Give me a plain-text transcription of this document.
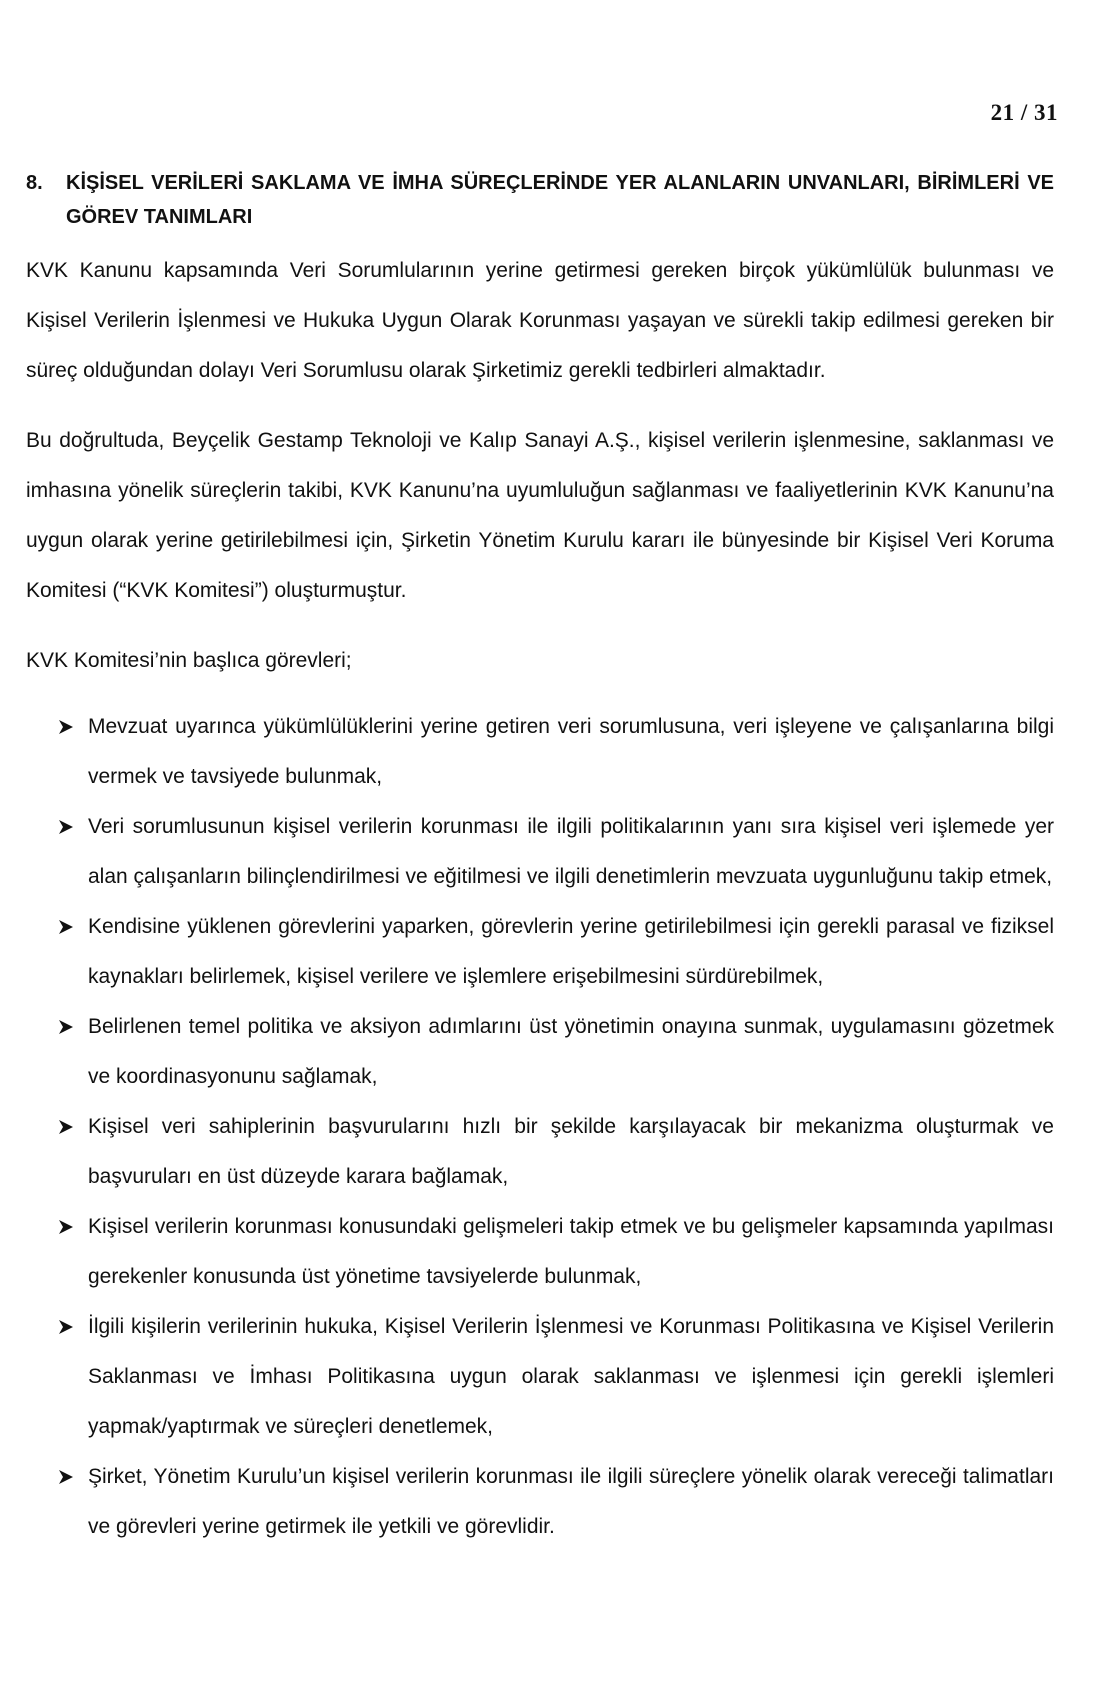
21 / 31
8.	KİŞİSEL VERİLERİ SAKLAMA VE İMHA SÜREÇLERİNDE YER ALANLARIN UNVANLARI, BİRİMLERİ VE GÖREV TANIMLARI

KVK Kanunu kapsamında Veri Sorumlularının yerine getirmesi gereken birçok yükümlülük bulunması ve Kişisel Verilerin İşlenmesi ve Hukuka Uygun Olarak Korunması yaşayan ve sürekli takip edilmesi gereken bir süreç olduğundan dolayı Veri Sorumlusu olarak Şirketimiz gerekli tedbirleri almaktadır.

Bu doğrultuda, Beyçelik Gestamp Teknoloji ve Kalıp Sanayi A.Ş., kişisel verilerin işlenmesine, saklanması ve imhasına yönelik süreçlerin takibi, KVK Kanunu’na uyumluluğun sağlanması ve faaliyetlerinin KVK Kanunu’na uygun olarak yerine getirilebilmesi için, Şirketin Yönetim Kurulu kararı ile bünyesinde bir Kişisel Veri Koruma Komitesi (“KVK Komitesi”) oluşturmuştur.

KVK Komitesi’nin başlıca görevleri;

Mevzuat uyarınca yükümlülüklerini yerine getiren veri sorumlusuna, veri işleyene ve çalışanlarına bilgi vermek ve tavsiyede bulunmak,
Veri sorumlusunun kişisel verilerin korunması ile ilgili politikalarının yanı sıra kişisel veri işlemede yer alan çalışanların bilinçlendirilmesi ve eğitilmesi ve ilgili denetimlerin mevzuata uygunluğunu takip etmek,
Kendisine yüklenen görevlerini yaparken, görevlerin yerine getirilebilmesi için gerekli parasal ve fiziksel kaynakları belirlemek, kişisel verilere ve işlemlere erişebilmesini sürdürebilmek,
Belirlenen temel politika ve aksiyon adımlarını üst yönetimin onayına sunmak, uygulamasını gözetmek ve koordinasyonunu sağlamak,
Kişisel veri sahiplerinin başvurularını hızlı bir şekilde karşılayacak bir mekanizma oluşturmak ve başvuruları en üst düzeyde karara bağlamak,
Kişisel verilerin korunması konusundaki gelişmeleri takip etmek ve bu gelişmeler kapsamında yapılması gerekenler konusunda üst yönetime tavsiyelerde bulunmak,
İlgili kişilerin verilerinin hukuka, Kişisel Verilerin İşlenmesi ve Korunması Politikasına ve Kişisel Verilerin Saklanması ve İmhası Politikasına uygun olarak saklanması ve işlenmesi için gerekli işlemleri yapmak/yaptırmak ve süreçleri denetlemek,
Şirket, Yönetim Kurulu’un kişisel verilerin korunması ile ilgili süreçlere yönelik olarak vereceği talimatları ve görevleri yerine getirmek ile yetkili ve görevlidir.
